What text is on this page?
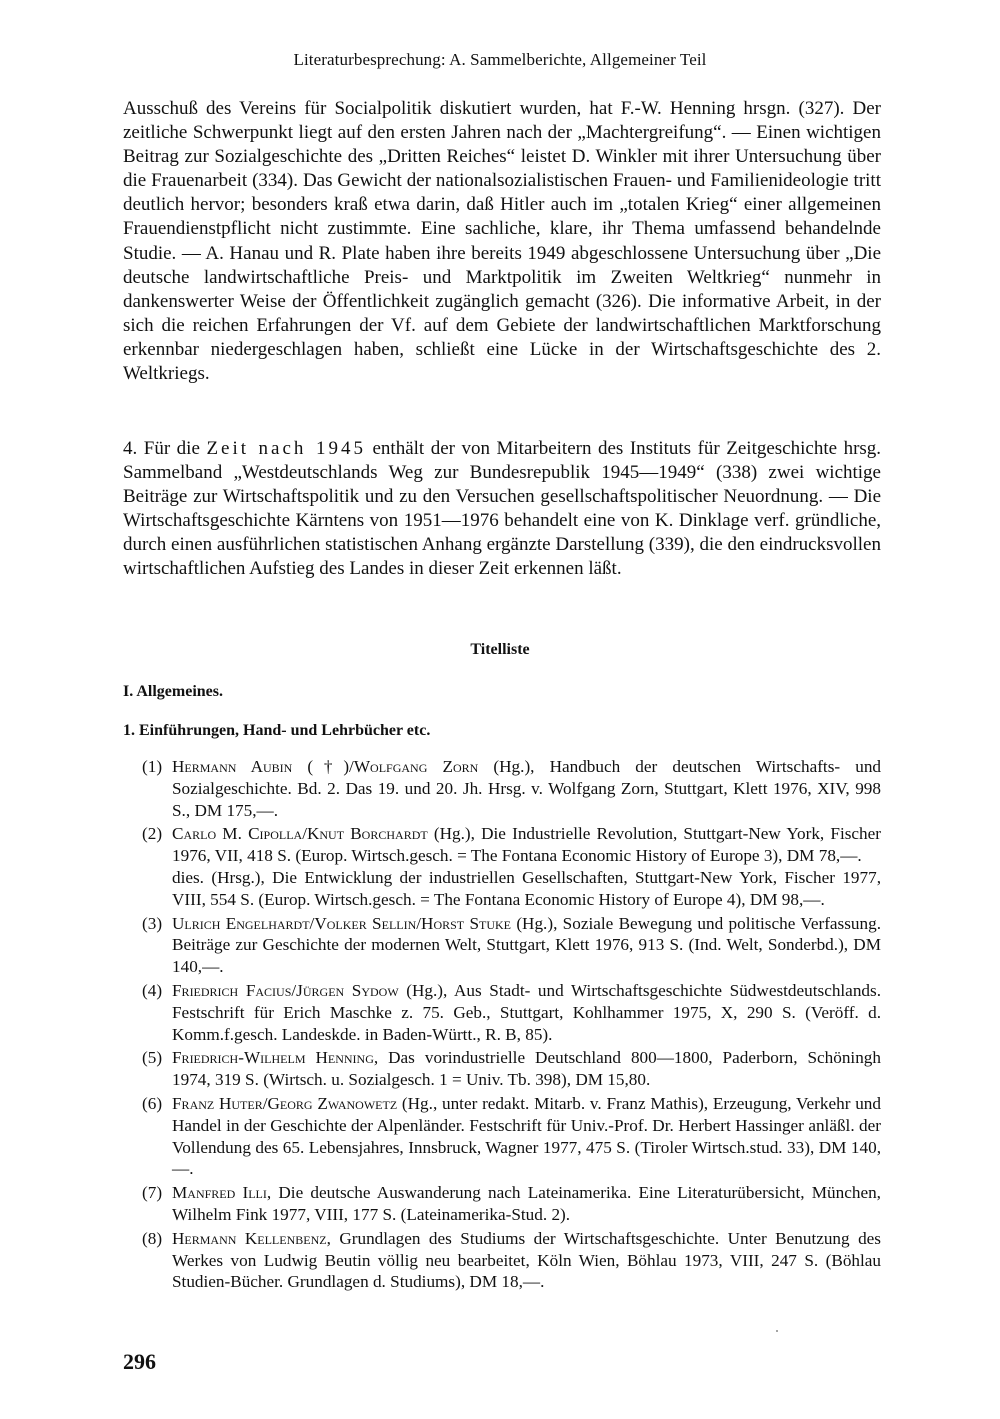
Literaturbesprechung: A. Sammelberichte, Allgemeiner Teil
Ausschuß des Vereins für Socialpolitik diskutiert wurden, hat F.-W. Henning hrsgn. (327). Der zeitliche Schwerpunkt liegt auf den ersten Jahren nach der „Machtergreifung“. — Einen wichtigen Beitrag zur Sozialgeschichte des „Dritten Reiches“ leistet D. Winkler mit ihrer Untersuchung über die Frauenarbeit (334). Das Gewicht der nationalsozialistischen Frauen- und Familienideologie tritt deutlich hervor; besonders kraß etwa darin, daß Hitler auch im „totalen Krieg“ einer allgemeinen Frauendienstpflicht nicht zustimmte. Eine sachliche, klare, ihr Thema umfassend behandelnde Studie. — A. Hanau und R. Plate haben ihre bereits 1949 abgeschlossene Untersuchung über „Die deutsche landwirtschaftliche Preis- und Marktpolitik im Zweiten Weltkrieg“ nunmehr in dankenswerter Weise der Öffentlichkeit zugänglich gemacht (326). Die informative Arbeit, in der sich die reichen Erfahrungen der Vf. auf dem Gebiete der landwirtschaftlichen Marktforschung erkennbar niedergeschlagen haben, schließt eine Lücke in der Wirtschaftsgeschichte des 2. Weltkriegs.
4. Für die Zeit nach 1945 enthält der von Mitarbeitern des Instituts für Zeitgeschichte hrsg. Sammelband „Westdeutschlands Weg zur Bundesrepublik 1945—1949“ (338) zwei wichtige Beiträge zur Wirtschaftspolitik und zu den Versuchen gesellschaftspolitischer Neuordnung. — Die Wirtschaftsgeschichte Kärntens von 1951—1976 behandelt eine von K. Dinklage verf. gründliche, durch einen ausführlichen statistischen Anhang ergänzte Darstellung (339), die den eindrucksvollen wirtschaftlichen Aufstieg des Landes in dieser Zeit erkennen läßt.
Titelliste
I. Allgemeines.
1. Einführungen, Hand- und Lehrbücher etc.
(1) Hermann Aubin (†)/Wolfgang Zorn (Hg.), Handbuch der deutschen Wirtschafts- und Sozialgeschichte. Bd. 2. Das 19. und 20. Jh. Hrsg. v. Wolfgang Zorn, Stuttgart, Klett 1976, XIV, 998 S., DM 175,—.
(2) Carlo M. Cipolla/Knut Borchardt (Hg.), Die Industrielle Revolution, Stuttgart-New York, Fischer 1976, VII, 418 S. (Europ. Wirtsch.gesch. = The Fontana Economic History of Europe 3), DM 78,—.
dies. (Hrsg.), Die Entwicklung der industriellen Gesellschaften, Stuttgart-New York, Fischer 1977, VIII, 554 S. (Europ. Wirtsch.gesch. = The Fontana Economic History of Europe 4), DM 98,—.
(3) Ulrich Engelhardt/Volker Sellin/Horst Stuke (Hg.), Soziale Bewegung und politische Verfassung. Beiträge zur Geschichte der modernen Welt, Stuttgart, Klett 1976, 913 S. (Ind. Welt, Sonderbd.), DM 140,—.
(4) Friedrich Facius/Jürgen Sydow (Hg.), Aus Stadt- und Wirtschaftsgeschichte Südwestdeutschlands. Festschrift für Erich Maschke z. 75. Geb., Stuttgart, Kohlhammer 1975, X, 290 S. (Veröff. d. Komm.f.gesch. Landeskde. in Baden-Württ., R. B, 85).
(5) Friedrich-Wilhelm Henning, Das vorindustrielle Deutschland 800—1800, Paderborn, Schöningh 1974, 319 S. (Wirtsch. u. Sozialgesch. 1 = Univ. Tb. 398), DM 15,80.
(6) Franz Huter/Georg Zwanowetz (Hg., unter redakt. Mitarb. v. Franz Mathis), Erzeugung, Verkehr und Handel in der Geschichte der Alpenländer. Festschrift für Univ.-Prof. Dr. Herbert Hassinger anläßl. der Vollendung des 65. Lebensjahres, Innsbruck, Wagner 1977, 475 S. (Tiroler Wirtsch.stud. 33), DM 140,—.
(7) Manfred Illi, Die deutsche Auswanderung nach Lateinamerika. Eine Literaturübersicht, München, Wilhelm Fink 1977, VIII, 177 S. (Lateinamerika-Stud. 2).
(8) Hermann Kellenbenz, Grundlagen des Studiums der Wirtschaftsgeschichte. Unter Benutzung des Werkes von Ludwig Beutin völlig neu bearbeitet, Köln Wien, Böhlau 1973, VIII, 247 S. (Böhlau Studien-Bücher. Grundlagen d. Studiums), DM 18,—.
296
